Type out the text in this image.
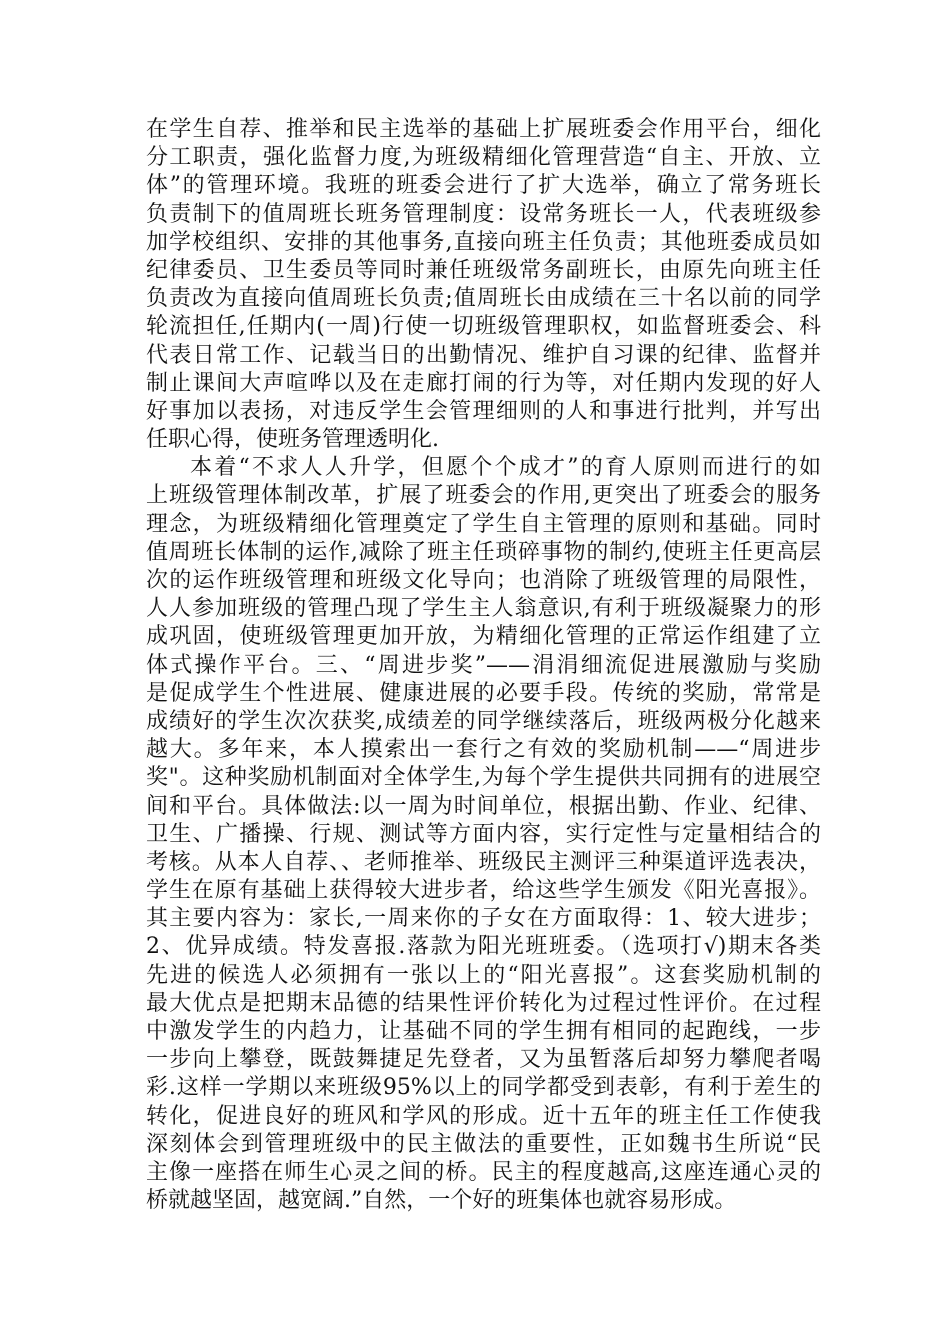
在学生自荐、推举和民主选举的基础上扩展班委会作用平台，细化
分工职责，强化监督力度,为班级精细化管理营造“自主、开放、立
体”的管理环境。我班的班委会进行了扩大选举，确立了常务班长
负责制下的值周班长班务管理制度：设常务班长一人，代表班级参
加学校组织、安排的其他事务,直接向班主任负责；其他班委成员如
纪律委员、卫生委员等同时兼任班级常务副班长，由原先向班主任
负责改为直接向值周班长负责;值周班长由成绩在三十名以前的同学
轮流担任,任期内(一周)行使一切班级管理职权，如监督班委会、科
代表日常工作、记载当日的出勤情况、维护自习课的纪律、监督并
制止课间大声喧哗以及在走廊打闹的行为等，对任期内发现的好人
好事加以表扬，对违反学生会管理细则的人和事进行批判，并写出
任职心得，使班务管理透明化.
本着“不求人人升学，但愿个个成才”的育人原则而进行的如
上班级管理体制改革，扩展了班委会的作用,更突出了班委会的服务
理念，为班级精细化管理奠定了学生自主管理的原则和基础。同时
值周班长体制的运作,减除了班主任琐碎事物的制约,使班主任更高层
次的运作班级管理和班级文化导向；也消除了班级管理的局限性，
人人参加班级的管理凸现了学生主人翁意识,有利于班级凝聚力的形
成巩固，使班级管理更加开放，为精细化管理的正常运作组建了立
体式操作平台。三、“周进步奖”——涓涓细流促进展激励与奖励
是促成学生个性进展、健康进展的必要手段。传统的奖励，常常是
成绩好的学生次次获奖,成绩差的同学继续落后，班级两极分化越来
越大。多年来，本人摸索出一套行之有效的奖励机制——“周进步
奖"。这种奖励机制面对全体学生,为每个学生提供共同拥有的进展空
间和平台。具体做法:以一周为时间单位，根据出勤、作业、纪律、
卫生、广播操、行规、测试等方面内容，实行定性与定量相结合的
考核。从本人自荐、、老师推举、班级民主测评三种渠道评选表决，
学生在原有基础上获得较大进步者，给这些学生颁发《阳光喜报》。
其主要内容为：家长,一周来你的子女在方面取得：1、较大进步；
2、优异成绩。特发喜报.落款为阳光班班委。（选项打√)期末各类
先进的候选人必须拥有一张以上的“阳光喜报”。这套奖励机制的
最大优点是把期末品德的结果性评价转化为过程过性评价。在过程
中激发学生的内趋力，让基础不同的学生拥有相同的起跑线，一步
一步向上攀登，既鼓舞捷足先登者，又为虽暂落后却努力攀爬者喝
彩.这样一学期以来班级95%以上的同学都受到表彰，有利于差生的
转化，促进良好的班风和学风的形成。近十五年的班主任工作使我
深刻体会到管理班级中的民主做法的重要性，正如魏书生所说“民
主像一座搭在师生心灵之间的桥。民主的程度越高,这座连通心灵的
桥就越坚固，越宽阔.”自然，一个好的班集体也就容易形成。
